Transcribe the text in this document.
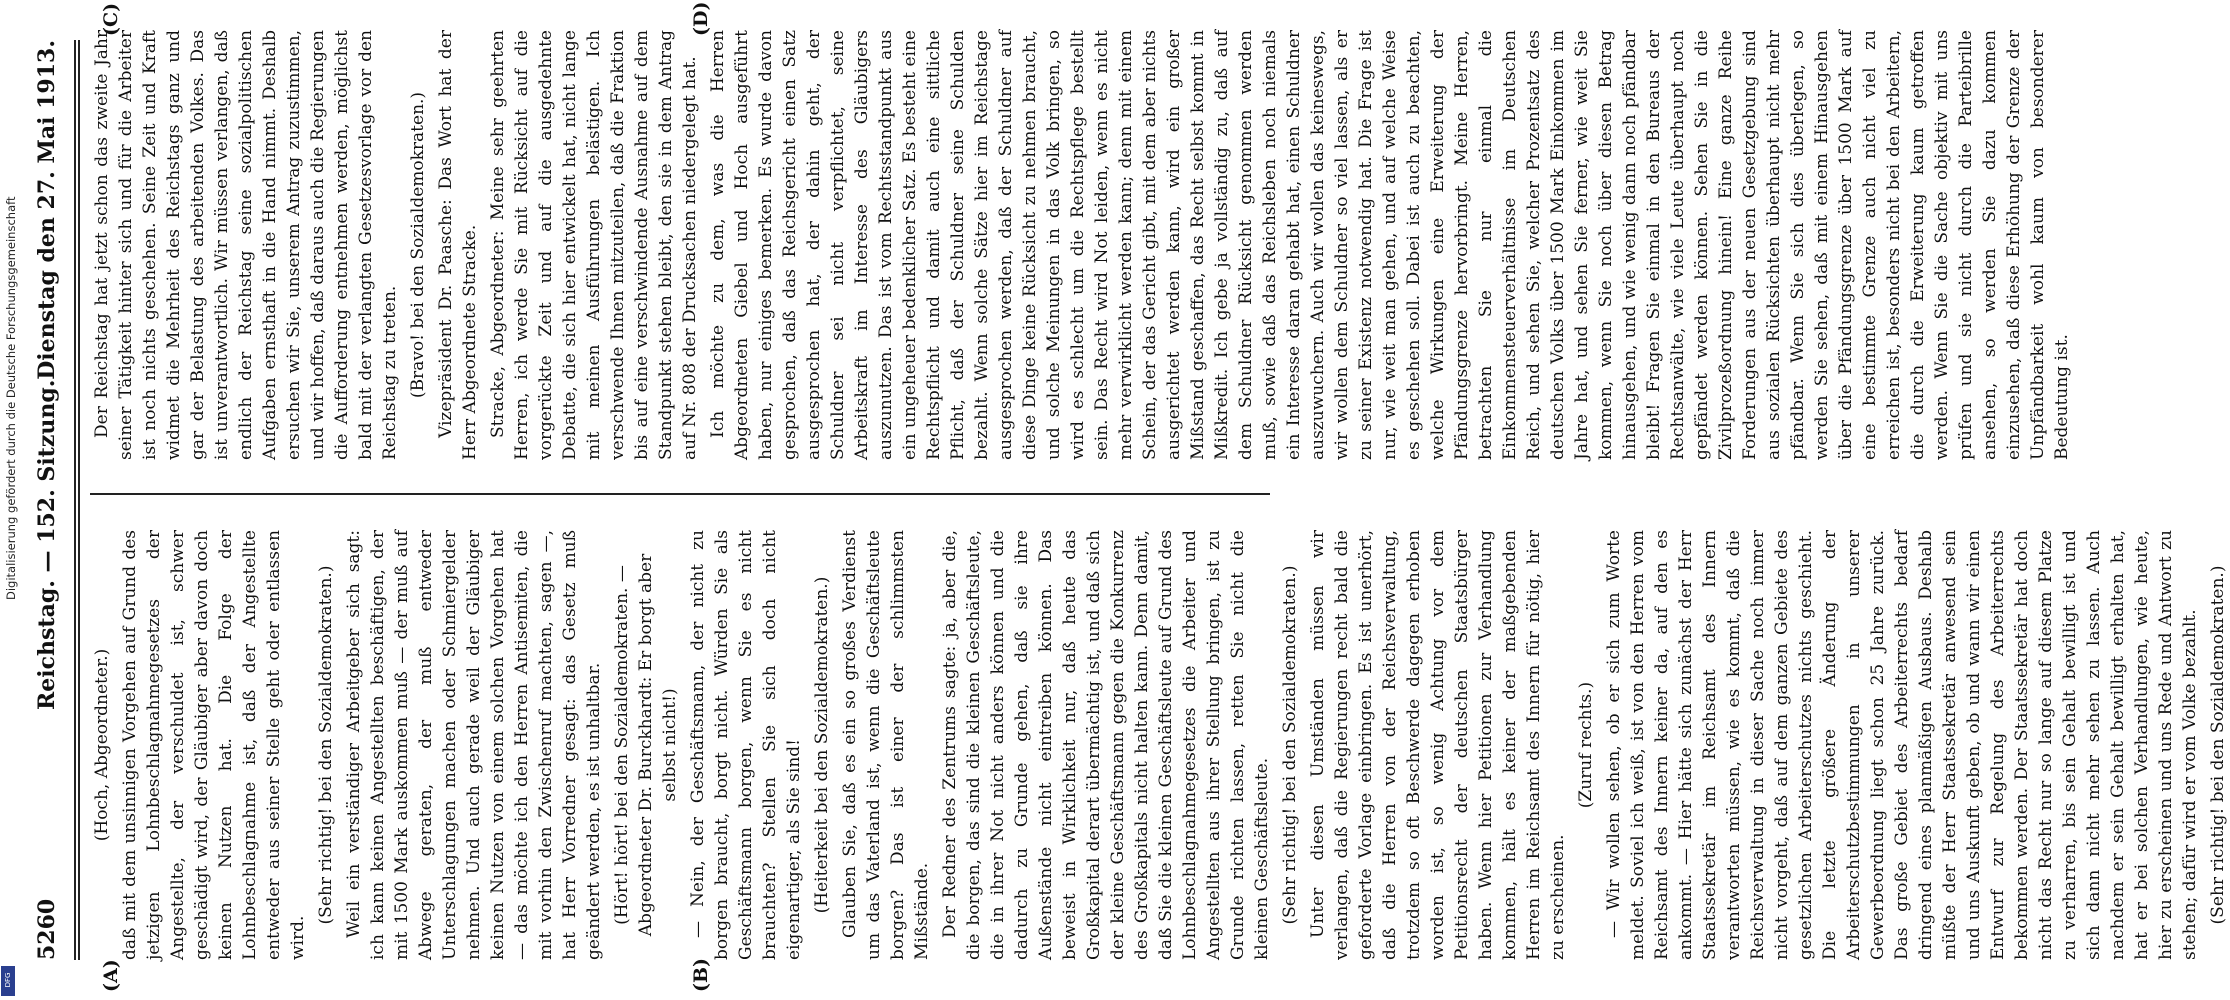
5260
Reichstag. — 152. Sitzung.
Dienstag den 27. Mai 1913.
(A)	(B)
(C)	(D)

(Hoch, Abgeordneter.) daß mit dem unsinnigen Vorgehen auf Grund des jetzigen Lohnbeschlagnahmegesetzes der Angestellte, der verschuldet ist, schwer geschädigt wird, der Gläubiger aber davon doch keinen Nutzen hat. Die Folge der Lohnbeschlagnahme ist, daß der Angestellte entweder aus seiner Stelle geht oder entlassen wird.

(Sehr richtig! bei den Sozialdemokraten.) Weil ein verständiger Arbeitgeber sich sagt: ich kann keinen Angestellten beschäftigen, der mit 1500 Mark auskommen muß — der muß auf Abwege geraten, der muß entweder Unterschlagungen machen oder Schmiergelder nehmen. Und auch gerade weil der Gläubiger keinen Nutzen von einem solchen Vorgehen hat — das möchte ich den Herren Antisemiten, die mit vorhin den Zwischenruf machten, sagen —, hat Herr Vorredner gesagt: das Gesetz muß geändert werden, es ist unhaltbar. (Hört! hört! bei den Sozialdemokraten. — Abgeordneter Dr. Burckhardt: Er borgt aber selbst nicht!) — Nein, der Geschäftsmann, der nicht zu borgen braucht, borgt nicht. Würden Sie als Geschäftsmann borgen, wenn Sie es nicht brauchten? Stellen Sie sich doch nicht eigenartiger, als Sie sind! (Heiterkeit bei den Sozialdemokraten.) Glauben Sie, daß es ein so großes Verdienst um das Vaterland ist, wenn die Geschäftsleute borgen? Das ist einer der schlimmsten Mißstände. Der Redner des Zentrums sagte: ja, aber die, die borgen, das sind die kleinen Geschäftsleute, die in ihrer Not nicht anders können und die dadurch zu Grunde gehen, daß sie ihre Außenstände nicht eintreiben können. Das beweist in Wirklichkeit nur, daß heute das Großkapital derart übermächtig ist, und daß sich der kleine Geschäftsmann gegen die Konkurrenz des Großkapitals nicht halten kann. Denn damit, daß Sie die kleinen Geschäftsleute auf Grund des Lohnbeschlagnahmegesetzes die Arbeiter und Angestellten aus ihrer Stellung bringen, ist zu Grunde richten lassen, retten Sie nicht die kleinen Geschäftsleute. (Sehr richtig! bei den Sozialdemokraten.) Unter diesen Umständen müssen wir verlangen, daß die Regierungen recht bald die geforderte Vorlage einbringen. Es ist unerhört, daß die Herren von der Reichsverwaltung, trotzdem so oft Beschwerde dagegen erhoben worden ist, so wenig Achtung vor dem Petitionsrecht der deutschen Staatsbürger haben. Wenn hier Petitionen zur Verhandlung kommen, hält es keiner der maßgebenden Herren im Reichsamt des Innern für nötig, hier zu erscheinen.

(Zuruf rechts.) — Wir wollen sehen, ob er sich zum Worte meldet. Soviel ich weiß, ist von den Herren vom Reichsamt des Innern keiner da, auf den es ankommt. — Hier hätte sich zunächst der Herr Staatssekretär im Reichsamt des Innern verantworten müssen, wie es kommt, daß die Reichsverwaltung in dieser Sache noch immer nicht vorgeht, daß auf dem ganzen Gebiete des gesetzlichen Arbeiterschutzes nichts geschieht. Die letzte größere Änderung der Arbeiterschutzbestimmungen in unserer Gewerbeordnung liegt schon 25 Jahre zurück. Das große Gebiet des Arbeiterrechts bedarf dringend eines planmäßigen Ausbaus. Deshalb müßte der Herr Staatssekretär anwesend sein und uns Auskunft geben, ob und wann wir einen Entwurf zur Regelung des Arbeiterrechts bekommen werden. Der Staatssekretär hat doch nicht das Recht nur so lange auf diesem Platze zu verharren, bis sein Gehalt bewilligt ist und sich dann nicht mehr sehen zu lassen. Auch nachdem er sein Gehalt bewilligt erhalten hat, hat er bei solchen Verhandlungen, wie heute, hier zu erscheinen und uns Rede und Antwort zu stehen; dafür wird er vom Volke bezahlt. (Sehr richtig! bei den Sozialdemokraten.)

Der Reichstag hat jetzt schon das zweite Jahr seiner Tätigkeit hinter sich und für die Arbeiter ist noch nichts geschehen. Seine Zeit und Kraft widmet die Mehrheit des Reichstags ganz und gar der Belastung des arbeitenden Volkes. Das ist unverantwortlich. Wir müssen verlangen, daß endlich der Reichstag seine sozialpolitischen Aufgaben ernsthaft in die Hand nimmt. Deshalb ersuchen wir Sie, unserem Antrag zuzustimmen, und wir hoffen, daß daraus auch die Regierungen die Aufforderung entnehmen werden, möglichst bald mit der verlangten Gesetzesvorlage vor den Reichstag zu treten. (Bravo! bei den Sozialdemokraten.) Vizepräsident Dr. Paasche: Das Wort hat der Herr Abgeordnete Stracke. Stracke, Abgeordneter: Meine sehr geehrten Herren, ich werde Sie mit Rücksicht auf die vorgerückte Zeit und auf die ausgedehnte Debatte, die sich hier entwickelt hat, nicht lange mit meinen Ausführungen belästigen. Ich verschwende Ihnen mitzuteilen, daß die Fraktion bis auf eine verschwindende Ausnahme auf dem Standpunkt stehen bleibt, den sie in dem Antrag auf Nr. 808 der Drucksachen niedergelegt hat. Ich möchte zu dem, was die Herren Abgeordneten Giebel und Hoch ausgeführt haben, nur einiges bemerken. Es wurde davon gesprochen, daß das Reichsgericht einen Satz ausgesprochen hat, der dahin geht, der Schuldner sei nicht verpflichtet, seine Arbeitskraft im Interesse des Gläubigers auszunutzen. Das ist vom Rechtsstandpunkt aus ein ungeheuer bedenklicher Satz. Es besteht eine Rechtspflicht und damit auch eine sittliche Pflicht, daß der Schuldner seine Schulden bezahlt. Wenn solche Sätze hier im Reichstage ausgesprochen werden, daß der Schuldner auf diese Dinge keine Rücksicht zu nehmen braucht, und solche Meinungen in das Volk bringen, so wird es schlecht um die Rechtspflege bestellt sein. Das Recht wird Not leiden, wenn es nicht mehr verwirklicht werden kann; denn mit einem Schein, der das Gericht gibt, mit dem aber nichts ausgerichtet werden kann, wird ein großer Mißstand geschaffen, das Recht selbst kommt in Mißkredit. Ich gebe ja vollständig zu, daß auf dem Schuldner Rücksicht genommen werden muß, sowie daß das Reichsleben noch niemals ein Interesse daran gehabt hat, einen Schuldner auszuwuchern. Auch wir wollen das keineswegs, wir wollen dem Schuldner so viel lassen, als er zu seiner Existenz notwendig hat. Die Frage ist nur, wie weit man gehen, und auf welche Weise es geschehen soll. Dabei ist auch zu beachten, welche Wirkungen eine Erweiterung der Pfändungsgrenze hervorbringt. Meine Herren, betrachten Sie nur einmal die Einkommensteuerverhältnisse im Deutschen Reich, und sehen Sie, welcher Prozentsatz des deutschen Volks über 1500 Mark Einkommen im Jahre hat, und sehen Sie ferner, wie weit Sie kommen, wenn Sie noch über diesen Betrag hinausgehen, und wie wenig dann noch pfändbar bleibt! Fragen Sie einmal in den Bureaus der Rechtsanwälte, wie viele Leute überhaupt noch gepfändet werden können. Sehen Sie in die Zivilprozeßordnung hinein! Eine ganze Reihe Forderungen aus der neuen Gesetzgebung sind aus sozialen Rücksichten überhaupt nicht mehr pfändbar. Wenn Sie sich dies überlegen, so werden Sie sehen, daß mit einem Hinausgehen über die Pfändungsgrenze über 1500 Mark auf eine bestimmte Grenze auch nicht viel zu erreichen ist, besonders nicht bei den Arbeitern, die durch die Erweiterung kaum getroffen werden. Wenn Sie die Sache objektiv mit uns prüfen und sie nicht durch die Parteibrille ansehen, so werden Sie dazu kommen einzusehen, daß diese Erhöhung der Grenze der Unpfändbarkeit wohl kaum von besonderer Bedeutung ist.

Digitalisierung gefördert durch die Deutsche Forschungsgemeinschaft
DFG
